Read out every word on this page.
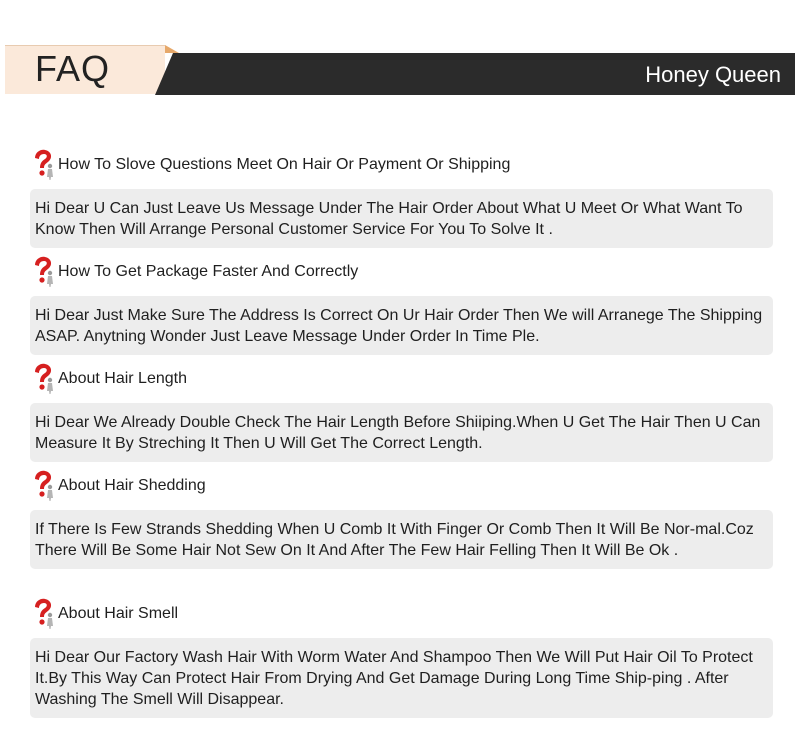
FAQ	Honey Queen
How To Slove Questions Meet On Hair Or Payment Or Shipping
Hi Dear U Can Just Leave Us Message Under The Hair Order About What U Meet Or What Want To Know Then Will Arrange Personal Customer Service For You To Solve It .
How To Get Package Faster And Correctly
Hi Dear Just Make Sure The Address Is Correct On Ur Hair Order Then We will Arranege The Shipping ASAP. Anytning Wonder Just Leave Message Under Order In Time Ple.
About Hair Length
Hi Dear We Already Double Check The Hair Length Before Shiiping.When U Get The Hair Then U Can Measure It By Streching It Then U Will Get The Correct Length.
About Hair Shedding
If There Is Few Strands Shedding When U Comb It With Finger Or Comb Then It Will Be Nor-mal.Coz There Will Be Some Hair Not Sew On It And After The Few Hair Felling Then It Will Be Ok .
About Hair Smell
Hi Dear Our Factory Wash Hair With Worm Water And Shampoo Then We Will Put Hair Oil To Protect It.By This Way Can Protect Hair From Drying And Get Damage During Long Time Ship-ping . After Washing The Smell Will Disappear.
